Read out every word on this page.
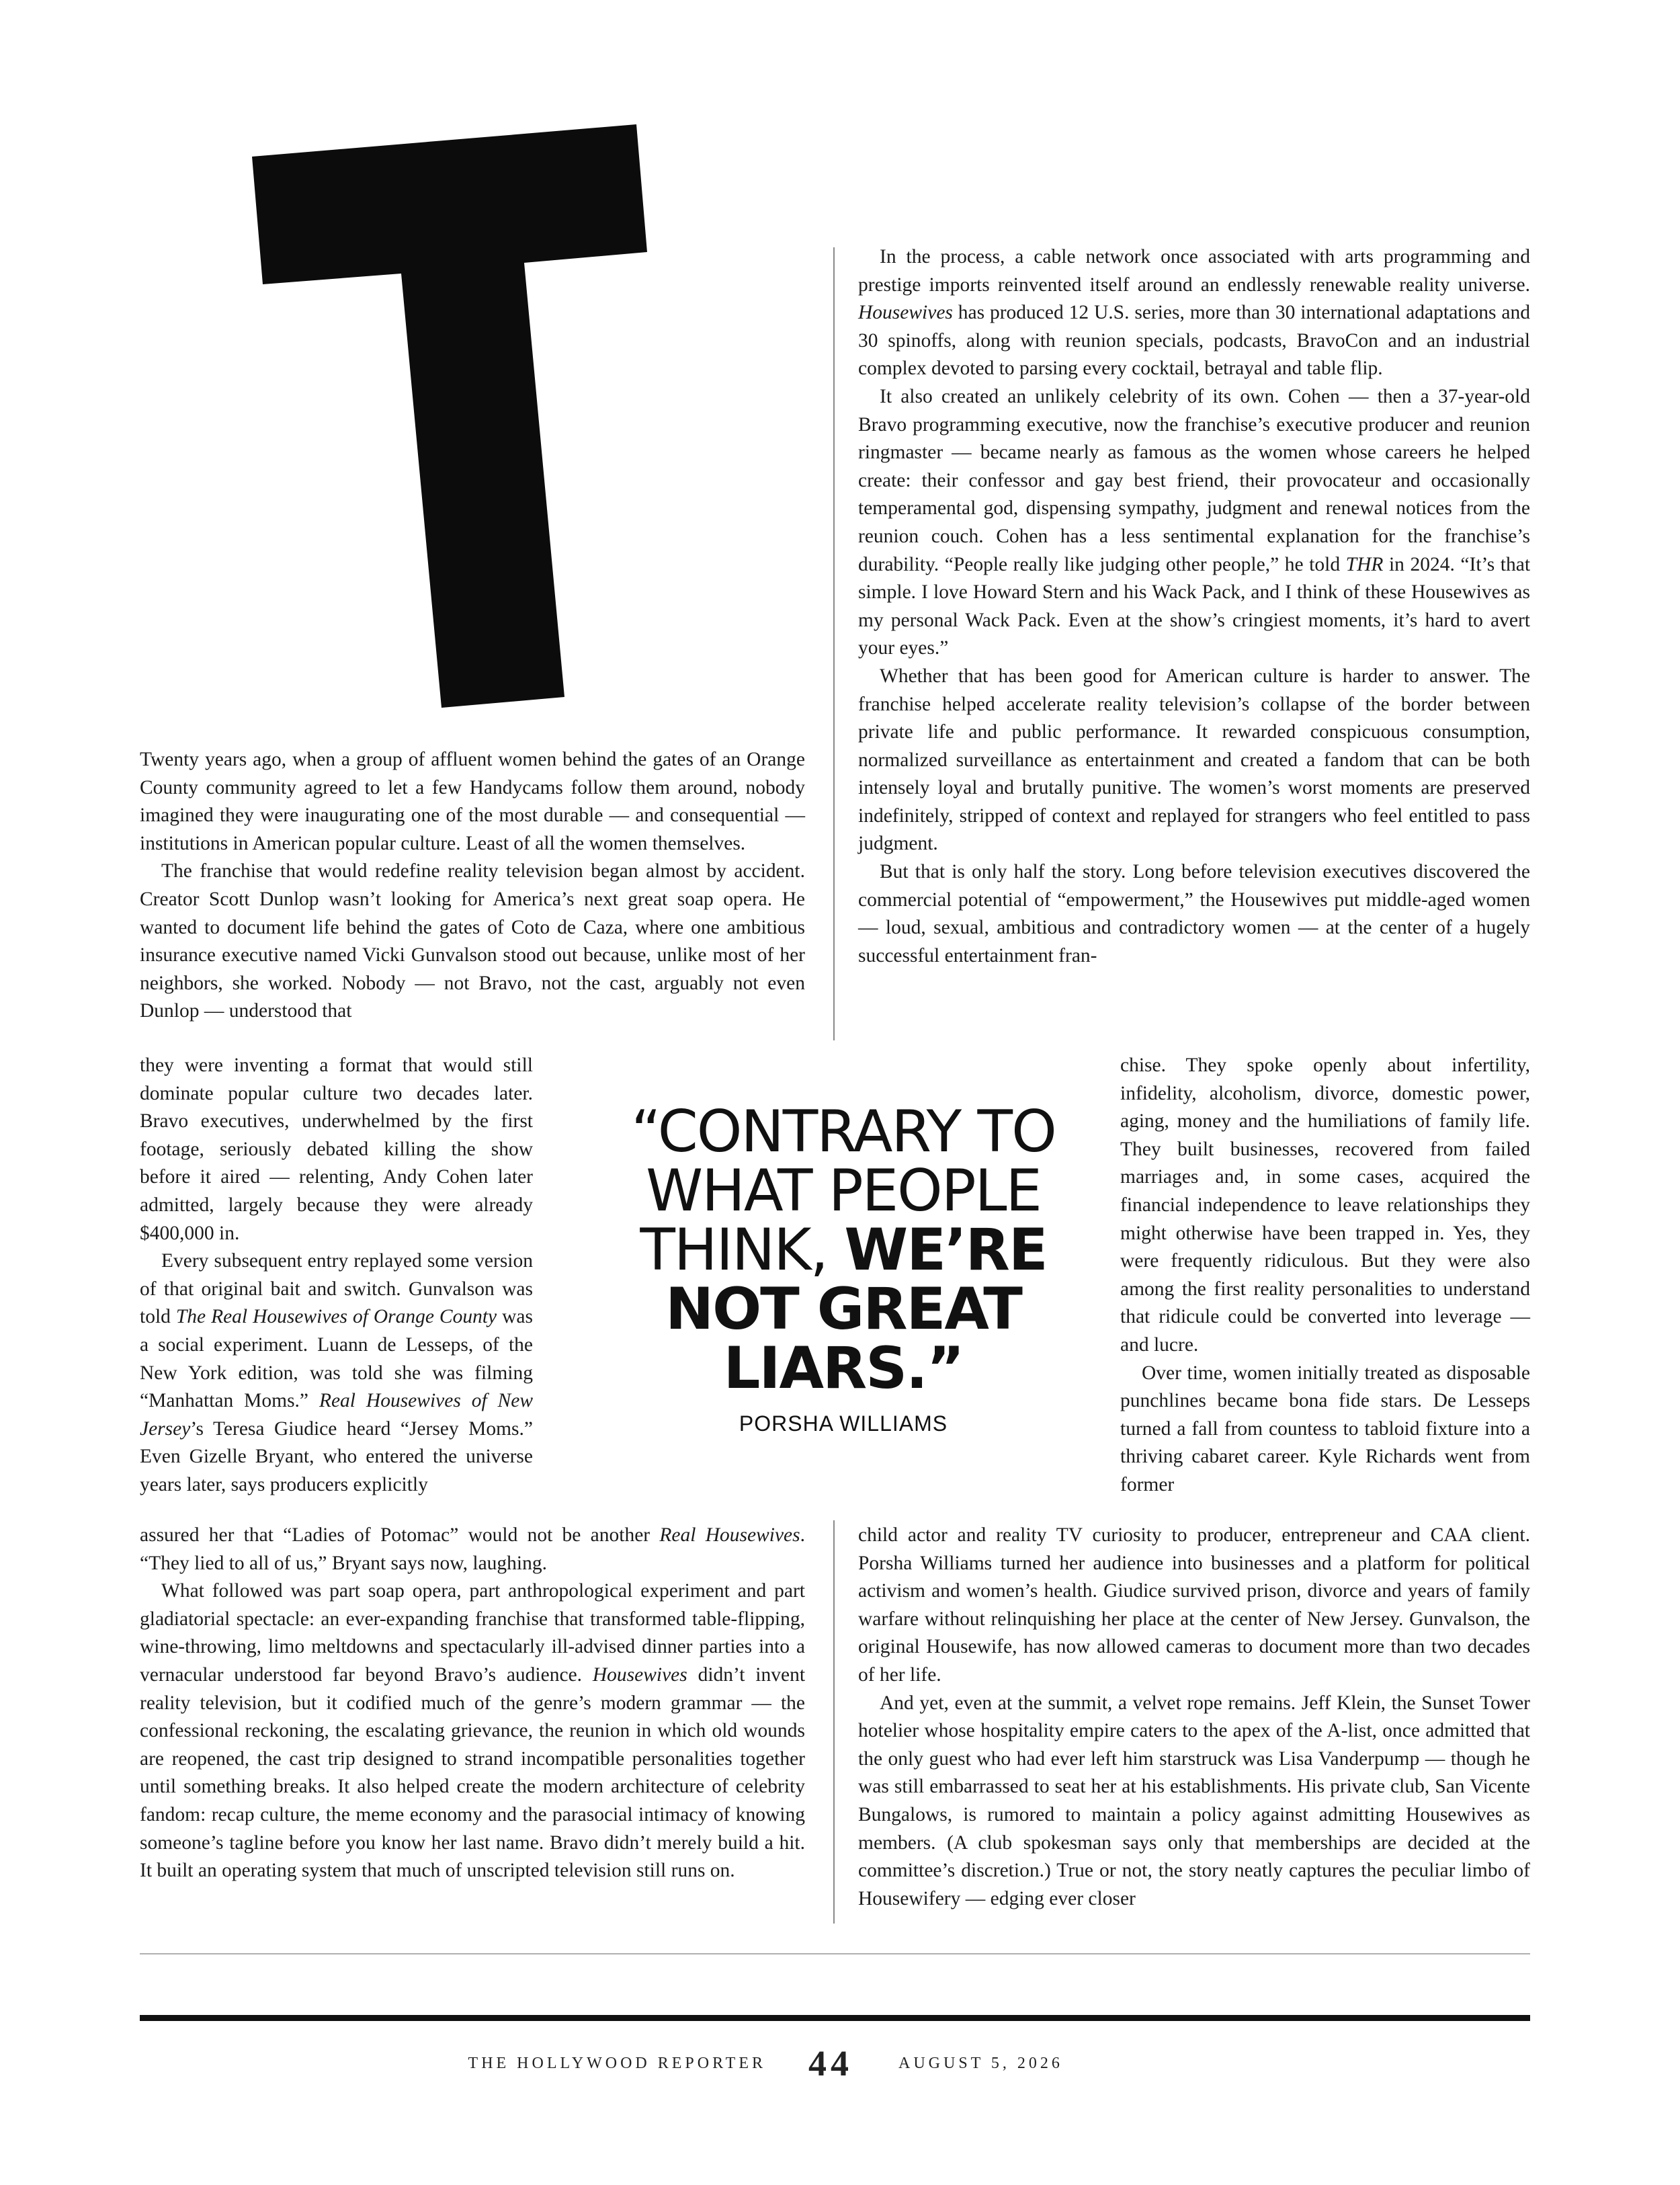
Twenty years ago, when a group of affluent women behind the gates of an Orange County community agreed to let a few Handycams follow them around, nobody imagined they were inaugurating one of the most durable — and consequential — institutions in American popular culture. Least of all the women themselves.

The franchise that would redefine reality television began almost by accident. Creator Scott Dunlop wasn’t looking for America’s next great soap opera. He wanted to document life behind the gates of Coto de Caza, where one ambitious insurance executive named Vicki Gunvalson stood out because, unlike most of her neighbors, she worked. Nobody — not Bravo, not the cast, arguably not even Dunlop — understood that

they were inventing a format that would still dominate popular culture two decades later. Bravo executives, underwhelmed by the first footage, seriously debated killing the show before it aired — relenting, Andy Cohen later admitted, largely because they were already $400,000 in.

Every subsequent entry replayed some version of that original bait and switch. Gunvalson was told The Real Housewives of Orange County was a social experiment. Luann de Lesseps, of the New York edition, was told she was filming “Manhattan Moms.” Real Housewives of New Jersey’s Teresa Giudice heard “Jersey Moms.” Even Gizelle Bryant, who entered the universe years later, says producers explicitly

assured her that “Ladies of Potomac” would not be another Real Housewives. “They lied to all of us,” Bryant says now, laughing.

What followed was part soap opera, part anthropological experiment and part gladiatorial spectacle: an ever-expanding franchise that transformed table-flipping, wine-throwing, limo meltdowns and spectacularly ill-advised dinner parties into a vernacular understood far beyond Bravo’s audience. Housewives didn’t invent reality television, but it codified much of the genre’s modern grammar — the confessional reckoning, the escalating grievance, the reunion in which old wounds are reopened, the cast trip designed to strand incompatible personalities together until something breaks. It also helped create the modern architecture of celebrity fandom: recap culture, the meme economy and the parasocial intimacy of knowing someone’s tagline before you know her last name. Bravo didn’t merely build a hit. It built an operating system that much of unscripted television still runs on.

In the process, a cable network once associated with arts programming and prestige imports reinvented itself around an endlessly renewable reality universe. Housewives has produced 12 U.S. series, more than 30 international adaptations and 30 spinoffs, along with reunion specials, podcasts, BravoCon and an industrial complex devoted to parsing every cocktail, betrayal and table flip.

It also created an unlikely celebrity of its own. Cohen — then a 37-year-old Bravo programming executive, now the franchise’s executive producer and reunion ringmaster — became nearly as famous as the women whose careers he helped create: their confessor and gay best friend, their provocateur and occasionally temperamental god, dispensing sympathy, judgment and renewal notices from the reunion couch. Cohen has a less sentimental explanation for the franchise’s durability. “People really like judging other people,” he told THR in 2024. “It’s that simple. I love Howard Stern and his Wack Pack, and I think of these Housewives as my personal Wack Pack. Even at the show’s cringiest moments, it’s hard to avert your eyes.”

Whether that has been good for American culture is harder to answer. The franchise helped accelerate reality television’s collapse of the border between private life and public performance. It rewarded conspicuous consumption, normalized surveillance as entertainment and created a fandom that can be both intensely loyal and brutally punitive. The women’s worst moments are preserved indefinitely, stripped of context and replayed for strangers who feel entitled to pass judgment.

But that is only half the story. Long before television executives discovered the commercial potential of “empowerment,” the Housewives put middle-aged women — loud, sexual, ambitious and contradictory women — at the center of a hugely successful entertainment fran-

chise. They spoke openly about infertility, infidelity, alcoholism, divorce, domestic power, aging, money and the humiliations of family life. They built businesses, recovered from failed marriages and, in some cases, acquired the financial independence to leave relationships they might otherwise have been trapped in. Yes, they were frequently ridiculous. But they were also among the first reality personalities to understand that ridicule could be converted into leverage — and lucre.

Over time, women initially treated as disposable punchlines became bona fide stars. De Lesseps turned a fall from countess to tabloid fixture into a thriving cabaret career. Kyle Richards went from former

child actor and reality TV curiosity to producer, entrepreneur and CAA client. Porsha Williams turned her audience into businesses and a platform for political activism and women’s health. Giudice survived prison, divorce and years of family warfare without relinquishing her place at the center of New Jersey. Gunvalson, the original Housewife, has now allowed cameras to document more than two decades of her life.

And yet, even at the summit, a velvet rope remains. Jeff Klein, the Sunset Tower hotelier whose hospitality empire caters to the apex of the A-list, once admitted that the only guest who had ever left him starstruck was Lisa Vanderpump — though he was still embarrassed to seat her at his establishments. His private club, San Vicente Bungalows, is rumored to maintain a policy against admitting Housewives as members. (A club spokesman says only that memberships are decided at the committee’s discretion.) True or not, the story neatly captures the peculiar limbo of Housewifery — edging ever closer

“CONTRARY TO
WHAT PEOPLE
THINK, WE’RE
NOT GREAT
LIARS.”
PORSHA WILLIAMS
THE HOLLYWOOD REPORTER 44	AUGUST 5, 2026
